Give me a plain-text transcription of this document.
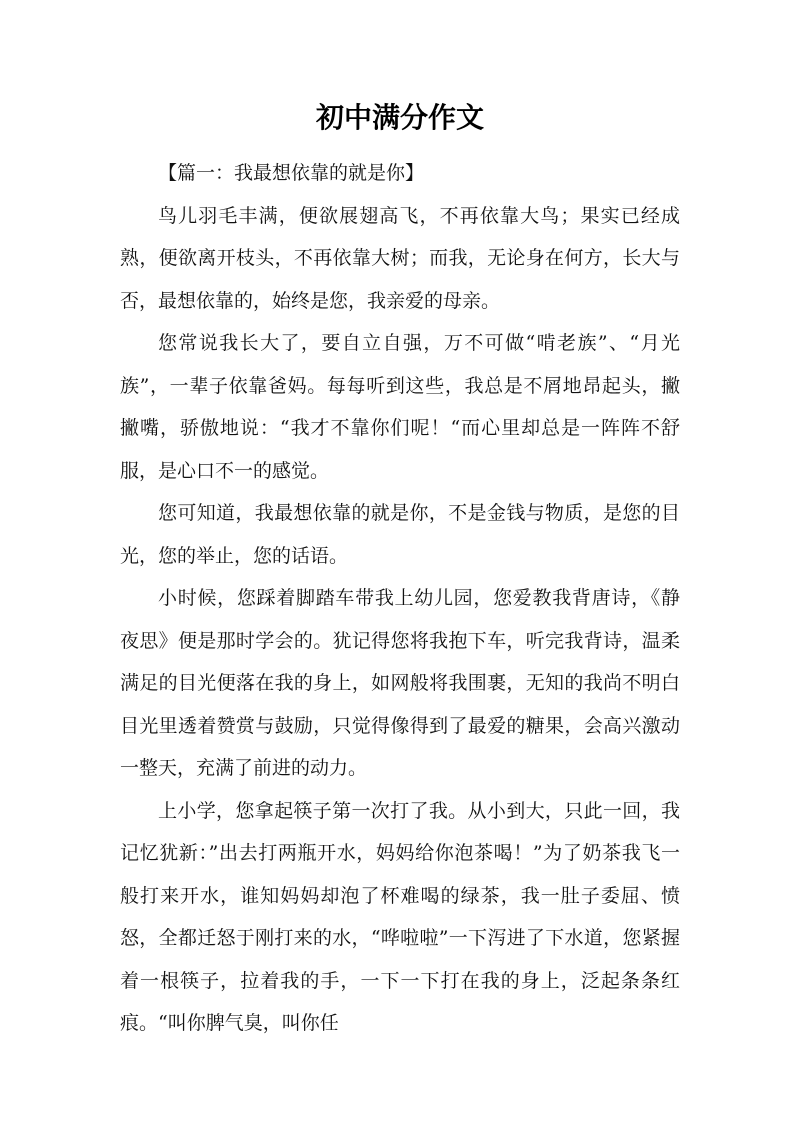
初中满分作文

【篇一：我最想依靠的就是你】

鸟儿羽毛丰满，便欲展翅高飞，不再依靠大鸟；果实已经成熟，便欲离开枝头，不再依靠大树；而我，无论身在何方，长大与否，最想依靠的，始终是您，我亲爱的母亲。

您常说我长大了，要自立自强，万不可做“啃老族”、“月光族”，一辈子依靠爸妈。每每听到这些，我总是不屑地昂起头，撇撇嘴，骄傲地说：“我才不靠你们呢！“而心里却总是一阵阵不舒服，是心口不一的感觉。

您可知道，我最想依靠的就是你，不是金钱与物质，是您的目光，您的举止，您的话语。

小时候，您踩着脚踏车带我上幼儿园，您爱教我背唐诗，《静夜思》便是那时学会的。犹记得您将我抱下车，听完我背诗，温柔满足的目光便落在我的身上，如网般将我围裹，无知的我尚不明白目光里透着赞赏与鼓励，只觉得像得到了最爱的糖果，会高兴激动一整天，充满了前进的动力。

上小学，您拿起筷子第一次打了我。从小到大，只此一回，我记忆犹新：”出去打两瓶开水，妈妈给你泡茶喝！”为了奶茶我飞一般打来开水，谁知妈妈却泡了杯难喝的绿茶，我一肚子委屈、愤怒，全都迁怒于刚打来的水，“哗啦啦”一下泻进了下水道，您紧握着一根筷子，拉着我的手，一下一下打在我的身上，泛起条条红痕。“叫你脾气臭，叫你任
